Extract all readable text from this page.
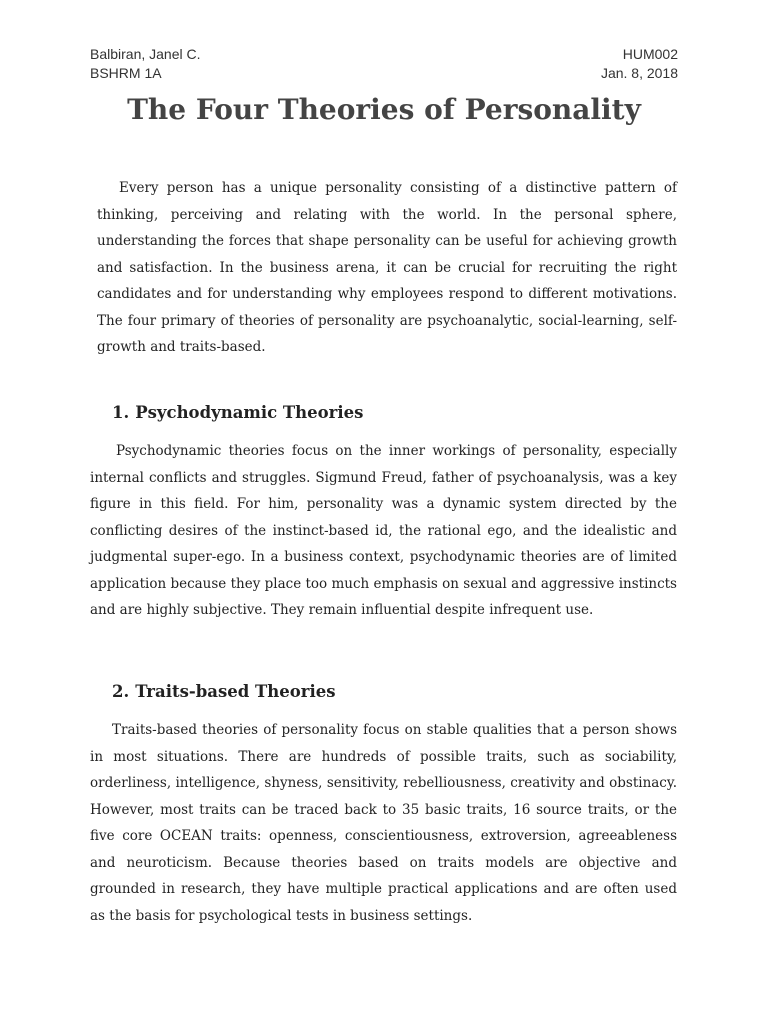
Balbiran, Janel C.
BSHRM 1A
HUM002
Jan. 8, 2018
The Four Theories of Personality

Every person has a unique personality consisting of a distinctive pattern of thinking, perceiving and relating with the world. In the personal sphere, understanding the forces that shape personality can be useful for achieving growth and satisfaction. In the business arena, it can be crucial for recruiting the right candidates and for understanding why employees respond to different motivations. The four primary of theories of personality are psychoanalytic, social-learning, self-growth and traits-based.

1. Psychodynamic Theories

Psychodynamic theories focus on the inner workings of personality, especially internal conflicts and struggles. Sigmund Freud, father of psychoanalysis, was a key figure in this field. For him, personality was a dynamic system directed by the conflicting desires of the instinct-based id, the rational ego, and the idealistic and judgmental super-ego. In a business context, psychodynamic theories are of limited application because they place too much emphasis on sexual and aggressive instincts and are highly subjective. They remain influential despite infrequent use.

2. Traits-based Theories

Traits-based theories of personality focus on stable qualities that a person shows in most situations. There are hundreds of possible traits, such as sociability, orderliness, intelligence, shyness, sensitivity, rebelliousness, creativity and obstinacy. However, most traits can be traced back to 35 basic traits, 16 source traits, or the five core OCEAN traits: openness, conscientiousness, extroversion, agreeableness and neuroticism. Because theories based on traits models are objective and grounded in research, they have multiple practical applications and are often used as the basis for psychological tests in business settings.
